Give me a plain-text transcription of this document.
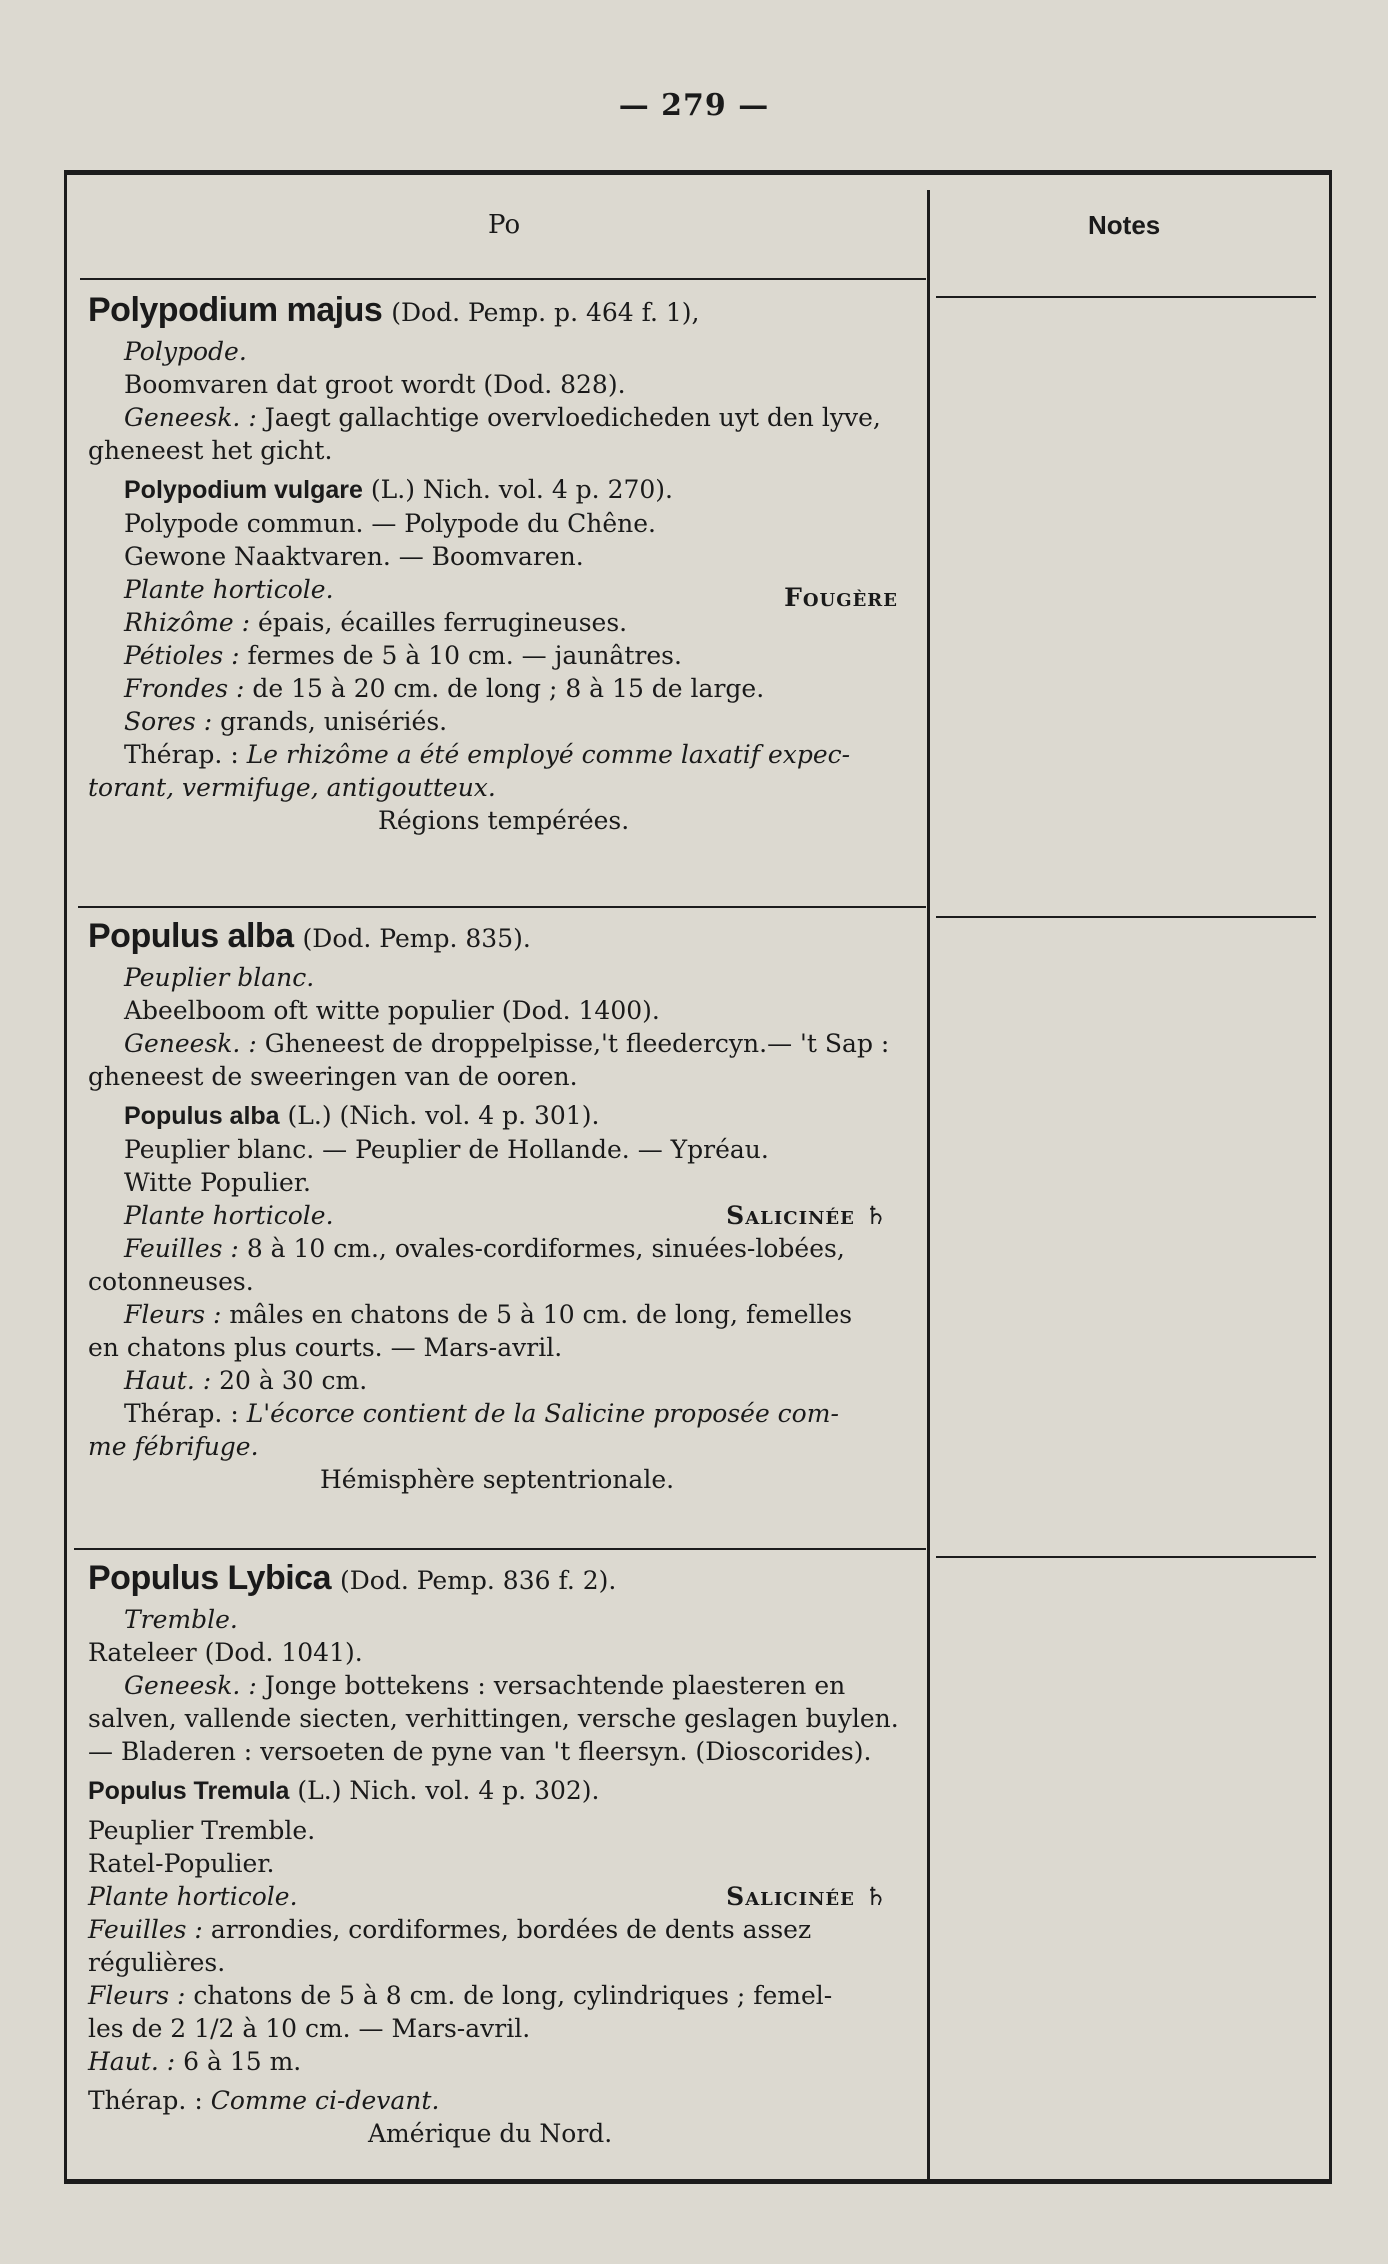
— 279 —
Po	Notes
Polypodium majus (Dod. Pemp. p. 464 f. 1),
Polypode.
Boomvaren dat groot wordt (Dod. 828).
Geneesk. : Jaegt gallachtige overvloedicheden uyt den lyve,
gheneest het gicht.
Polypodium vulgare (L.) Nich. vol. 4 p. 270).
Polypode commun. — Polypode du Chêne.
Gewone Naaktvaren. — Boomvaren.
Plante horticole.	Fougère
Rhizôme : épais, écailles ferrugineuses.
Pétioles : fermes de 5 à 10 cm. — jaunâtres.
Frondes : de 15 à 20 cm. de long ; 8 à 15 de large.
Sores : grands, unisériés.
Thérap. : Le rhizôme a été employé comme laxatif expec-
torant, vermifuge, antigoutteux.
Régions tempérées.
Populus alba (Dod. Pemp. 835).
Peuplier blanc.
Abeelboom oft witte populier (Dod. 1400).
Geneesk. : Gheneest de droppelpisse,'t fleedercyn.— 't Sap :
gheneest de sweeringen van de ooren.
Populus alba (L.) (Nich. vol. 4 p. 301).
Peuplier blanc. — Peuplier de Hollande. — Ypréau.
Witte Populier.
Plante horticole.	Salicinée ♄
Feuilles : 8 à 10 cm., ovales-cordiformes, sinuées-lobées,
cotonneuses.
Fleurs : mâles en chatons de 5 à 10 cm. de long, femelles
en chatons plus courts. — Mars-avril.
Haut. : 20 à 30 cm.
Thérap. : L'écorce contient de la Salicine proposée com-
me fébrifuge.
Hémisphère septentrionale.
Populus Lybica (Dod. Pemp. 836 f. 2).
Tremble.
Rateleer (Dod. 1041).
Geneesk. : Jonge bottekens : versachtende plaesteren en
salven, vallende siecten, verhittingen, versche geslagen buylen.
— Bladeren : versoeten de pyne van 't fleersyn. (Dioscorides).
Populus Tremula (L.) Nich. vol. 4 p. 302).
Peuplier Tremble.
Ratel-Populier.
Plante horticole.	Salicinée ♄
Feuilles : arrondies, cordiformes, bordées de dents assez
régulières.
Fleurs : chatons de 5 à 8 cm. de long, cylindriques ; femel-
les de 2 1/2 à 10 cm. — Mars-avril.
Haut. : 6 à 15 m.
Thérap. : Comme ci-devant.
Amérique du Nord.
